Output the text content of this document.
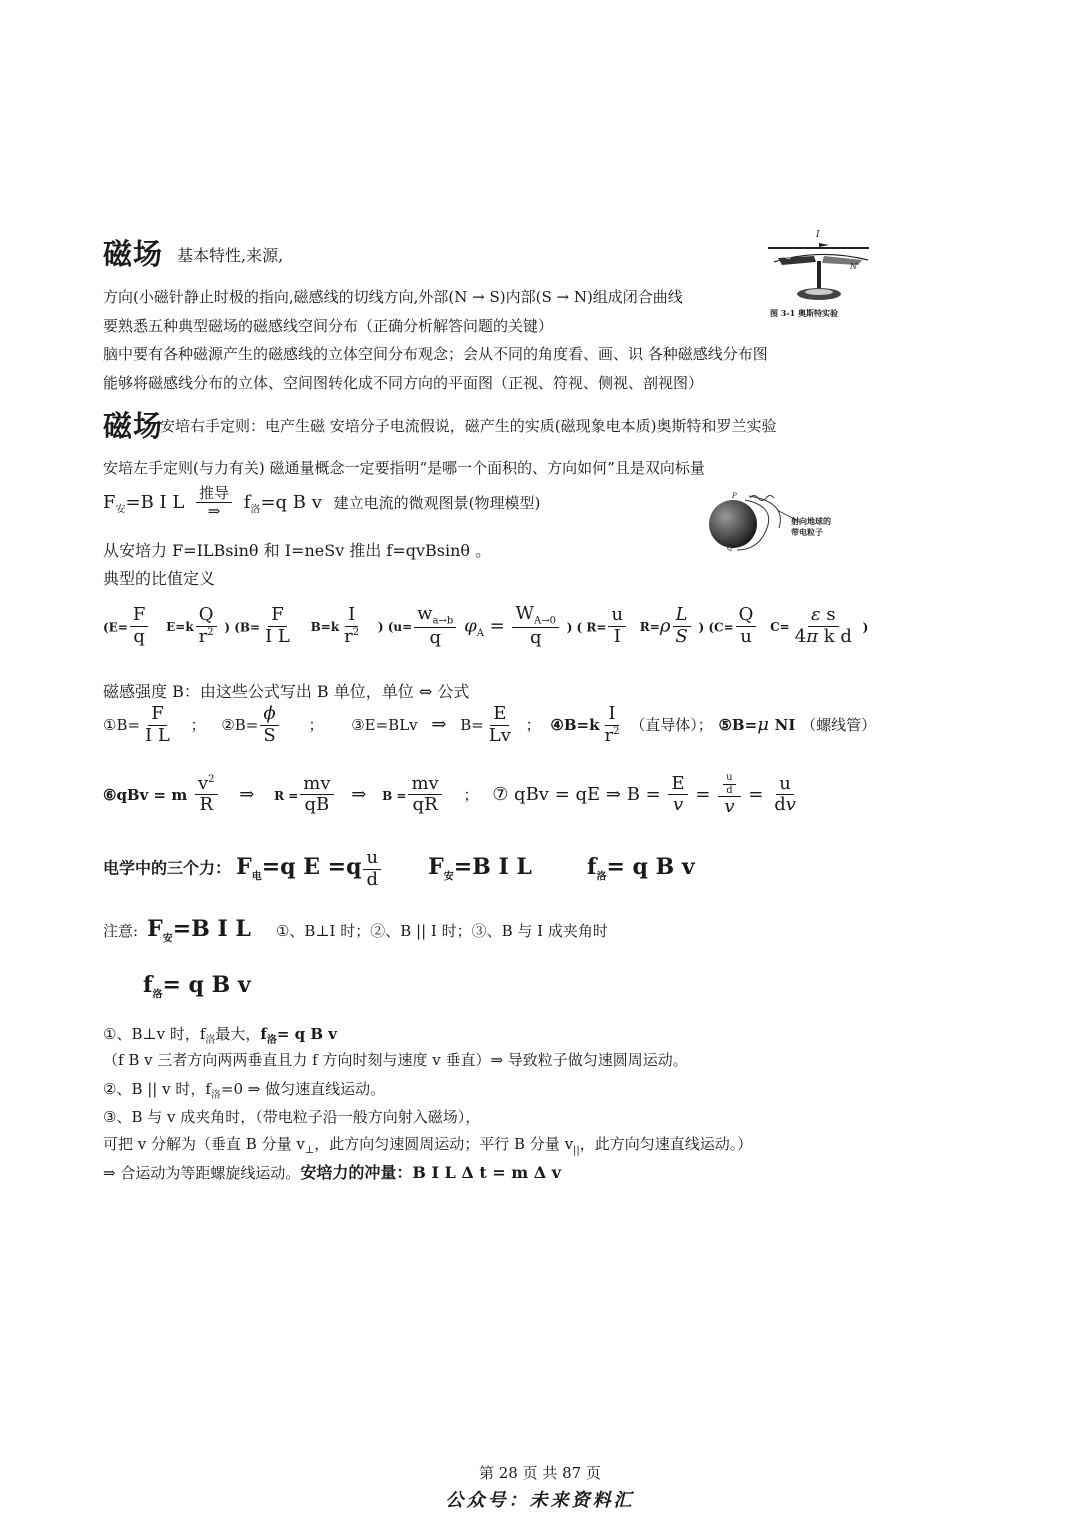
磁场 基本特性,来源,
方向(小磁针静止时极的指向,磁感线的切线方向,外部(N → S)内部(S → N)组成闭合曲线
要熟悉五种典型磁场的磁感线空间分布（正确分析解答问题的关键）
脑中要有各种磁源产生的磁感线的立体空间分布观念；会从不同的角度看、画、识 各种磁感线分布图
能够将磁感线分布的立体、空间图转化成不同方向的平面图（正视、符视、侧视、剖视图）
I
S
N
图 3-1 奥斯特实验
磁场
安培右手定则：电产生磁 安培分子电流假说，磁产生的实质(磁现象电本质)奥斯特和罗兰实验
安培左手定则(与力有关) 磁通量概念一定要指明“是哪一个面积的、方向如何”且是双向标量
$F_安=B$ I L 推导
⇒ $f_洛=q$ B v 建立电流的微观图景(物理模型)	P
Q
射向地球的
带电粒子
从安培力 F=ILBsinθ 和 I=neSv 推出 f=qvBsinθ 。
典型的比值定义
($E= \frac{F}{q} E=k \frac{Q}{r^2}$ ) ($B= \frac{F}{\text{I L}} B=k \frac{I}{r^2}$ ) ($u= \frac{w_{a\to b}}{q} \varphi_A = \frac{W_{A\to 0}}{q}$ ) ( $R= \frac{u}{I} R=\rho \frac{L}{S}$ ) ($C= \frac{Q}{u} C= \frac{\text{ε s}}{\text{4π k d}}$ )
磁感强度 B：由这些公式写出 B 单位，单位 ⇔ 公式
①B= $\frac{F}{\text{I L}}$ ； ②B= $\frac{\phi}{S}$ ； ③E=BLv ⇒ $B= \frac{E}{Lv}$ ； ④B=k $\frac{I}{r^2}$ （直导体）； ⑤B=μ NI （螺线管）
⑥qBv = m $\frac{v^2}{R}$ ⇒ $R = \frac{mv}{qB}$ ⇒ $B = \frac{mv}{qR}$ ； ⑦ qBv = qE ⇒ $B = \frac{E}{v} = \frac{u}{d}$
v
= $\frac{u}{dv}$
电学中的三个力： $F_电=q$ $E =q \frac{u}{d} F_安=B$ I L	$f_洛= q$ B v
注意: $F_安=B$ I L ①、B⊥I 时；②、B || I 时；③、B 与 I 成夹角时
$f_洛= q$ B v
①、B⊥v 时，$f_洛$最大，$f_洛= q$ B v
（f B v 三者方向两两垂直且力 f 方向时刻与速度 v 垂直）⇒ 导致粒子做匀速圆周运动。
②、B || v 时，$f_洛=0$ ⇒ 做匀速直线运动。
③、B 与 v 成夹角时，（带电粒子沿一般方向射入磁场），
可把 v 分解为（垂直 B 分量 $v_\perp$，此方向匀速圆周运动；平行 B 分量 $v_{||}$，此方向匀速直线运动。）
⇒ 合运动为等距螺旋线运动。安培力的冲量：B I L Δ t = m Δ v
第 28 页 共 87 页
公众号：未来资料汇
